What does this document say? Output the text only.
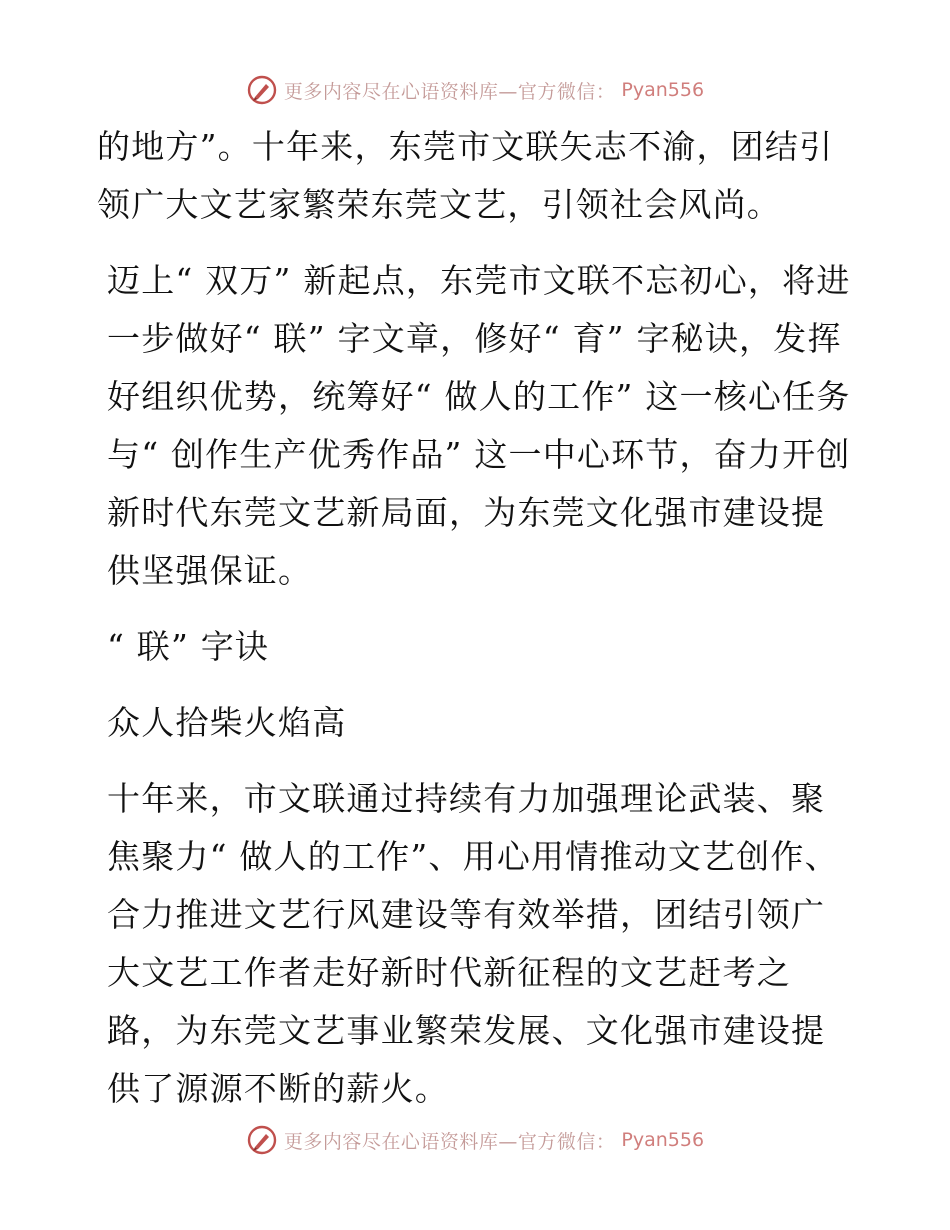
更多内容尽在心语资料库—官方微信： Pyan556

的地方”。十年来，东莞市文联矢志不渝，团结引领广大文艺家繁荣东莞文艺，引领社会风尚。

迈上“ 双万” 新起点，东莞市文联不忘初心，将进一步做好“ 联” 字文章，修好“ 育” 字秘诀，发挥好组织优势，统筹好“ 做人的工作” 这一核心任务与“ 创作生产优秀作品” 这一中心环节，奋力开创新时代东莞文艺新局面，为东莞文化强市建设提供坚强保证。

“ 联” 字诀

众人拾柴火焰高

十年来，市文联通过持续有力加强理论武装、聚焦聚力“ 做人的工作”、用心用情推动文艺创作、合力推进文艺行风建设等有效举措，团结引领广大文艺工作者走好新时代新征程的文艺赶考之路，为东莞文艺事业繁荣发展、文化强市建设提供了源源不断的薪火。

更多内容尽在心语资料库—官方微信： Pyan556
